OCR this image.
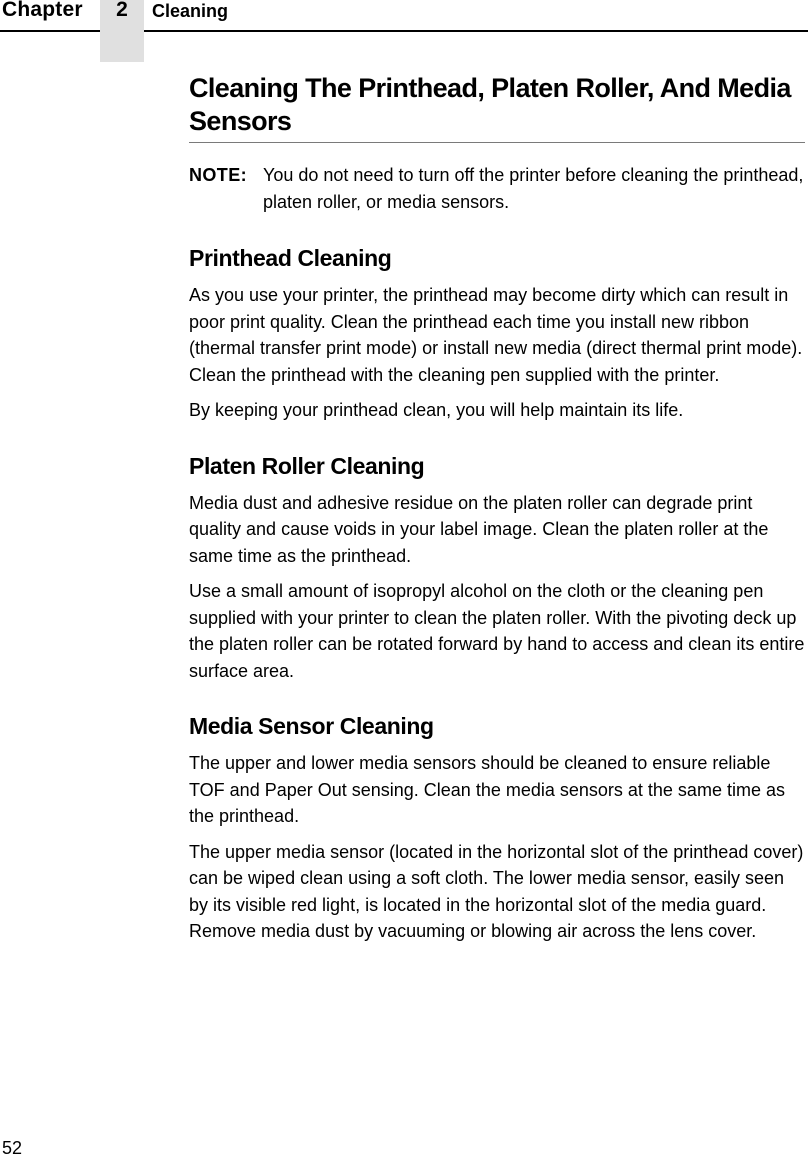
Chapter	2	Cleaning
Cleaning The Printhead, Platen Roller, And Media Sensors
NOTE: You do not need to turn off the printer before cleaning the printhead, platen roller, or media sensors.
Printhead Cleaning

As you use your printer, the printhead may become dirty which can result in poor print quality. Clean the printhead each time you install new ribbon (thermal transfer print mode) or install new media (direct thermal print mode). Clean the printhead with the cleaning pen supplied with the printer.

By keeping your printhead clean, you will help maintain its life.

Platen Roller Cleaning

Media dust and adhesive residue on the platen roller can degrade print quality and cause voids in your label image. Clean the platen roller at the same time as the printhead.

Use a small amount of isopropyl alcohol on the cloth or the cleaning pen supplied with your printer to clean the platen roller. With the pivoting deck up the platen roller can be rotated forward by hand to access and clean its entire surface area.

Media Sensor Cleaning

The upper and lower media sensors should be cleaned to ensure reliable TOF and Paper Out sensing. Clean the media sensors at the same time as the printhead.

The upper media sensor (located in the horizontal slot of the printhead cover) can be wiped clean using a soft cloth. The lower media sensor, easily seen by its visible red light, is located in the horizontal slot of the media guard. Remove media dust by vacuuming or blowing air across the lens cover.

52
